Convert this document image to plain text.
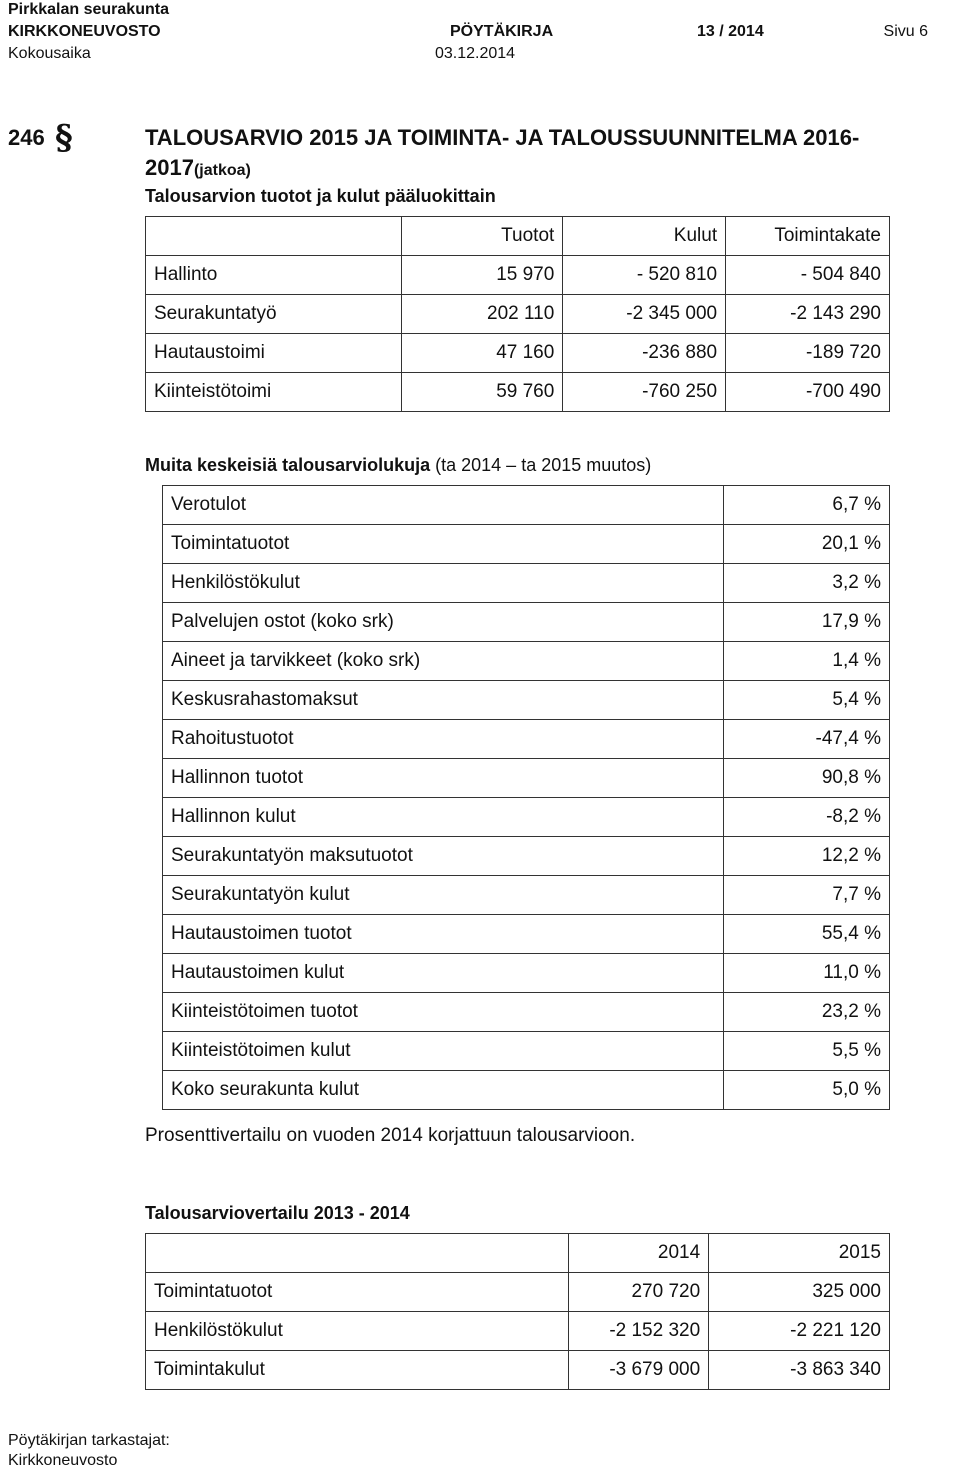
Pirkkalan seurakunta
KIRKKONEUVOSTO	PÖYTÄKIRJA	13 / 2014	Sivu 6
Kokousaika	03.12.2014
246 §	TALOUSARVIO 2015 JA TOIMINTA- JA TALOUSSUUNNITELMA 2016-
2017(jatkoa)
Talousarvion tuotot ja kulut pääluokittain
	Tuotot	Kulut	Toimintakate
Hallinto	15 970	- 520 810	- 504 840
Seurakuntatyö	202 110	-2 345 000	-2 143 290
Hautaustoimi	47 160	-236 880	-189 720
Kiinteistötoimi	59 760	-760 250	-700 490
Muita keskeisiä talousarviolukuja (ta 2014 – ta 2015 muutos)
Verotulot	6,7 %
Toimintatuotot	20,1 %
Henkilöstökulut	3,2 %
Palvelujen ostot (koko srk)	17,9 %
Aineet ja tarvikkeet (koko srk)	1,4 %
Keskusrahastomaksut	5,4 %
Rahoitustuotot	-47,4 %
Hallinnon tuotot	90,8 %
Hallinnon kulut	-8,2 %
Seurakuntatyön maksutuotot	12,2 %
Seurakuntatyön kulut	7,7 %
Hautaustoimen tuotot	55,4 %
Hautaustoimen kulut	11,0 %
Kiinteistötoimen tuotot	23,2 %
Kiinteistötoimen kulut	5,5 %
Koko seurakunta kulut	5,0 %
Prosenttivertailu on vuoden 2014 korjattuun talousarvioon.
Talousarviovertailu 2013 - 2014
	2014	2015
Toimintatuotot	270 720	325 000
Henkilöstökulut	-2 152 320	-2 221 120
Toimintakulut	-3 679 000	-3 863 340
Pöytäkirjan tarkastajat:
Kirkkoneuvosto
